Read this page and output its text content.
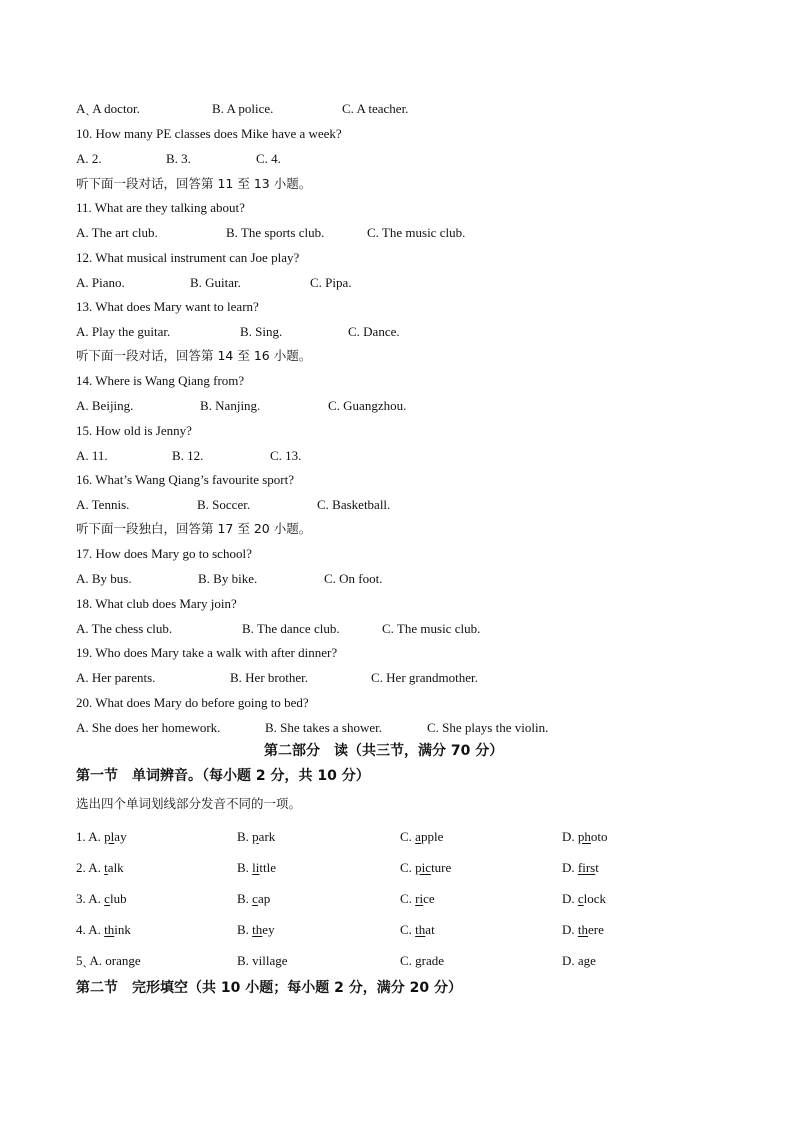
Aˎ A doctor.	B. A police.	C. A teacher.
10. How many PE classes does Mike have a week?
A. 2.	B. 3.	C. 4.
听下面一段对话，回答第 11 至 13 小题。
11. What are they talking about?
A. The art club.	B. The sports club.	C. The music club.
12. What musical instrument can Joe play?
A. Piano.	B. Guitar.	C. Pipa.
13. What does Mary want to learn?
A. Play the guitar.	B. Sing.	C. Dance.
听下面一段对话，回答第 14 至 16 小题。
14. Where is Wang Qiang from?
A. Beijing.	B. Nanjing.	C. Guangzhou.
15. How old is Jenny?
A. 11.	B. 12.	C. 13.
16. What’s Wang Qiang’s favourite sport?
A. Tennis.	B. Soccer.	C. Basketball.
听下面一段独白，回答第 17 至 20 小题。
17. How does Mary go to school?
A. By bus.	B. By bike.	C. On foot.
18. What club does Mary join?
A. The chess club.	B. The dance club.	C. The music club.
19. Who does Mary take a walk with after dinner?
A. Her parents.	B. Her brother.	C. Her grandmother.
20. What does Mary do before going to bed?
A. She does her homework.	B. She takes a shower.	C. She plays the violin.
第二部分　读（共三节，满分 70 分）
第一节　单词辨音。（每小题 2 分，共 10 分）
选出四个单词划线部分发音不同的一项。
1. A. play	B. park	C. apple	D. photo
2. A. talk	B. little	C. picture	D. first
3. A. club	B. cap	C. rice	D. clock
4. A. think	B. they	C. that	D. there
5ˎ A. orange	B. village	C. grade	D. age
第二节　完形填空（共 10 小题；每小题 2 分，满分 20 分）
